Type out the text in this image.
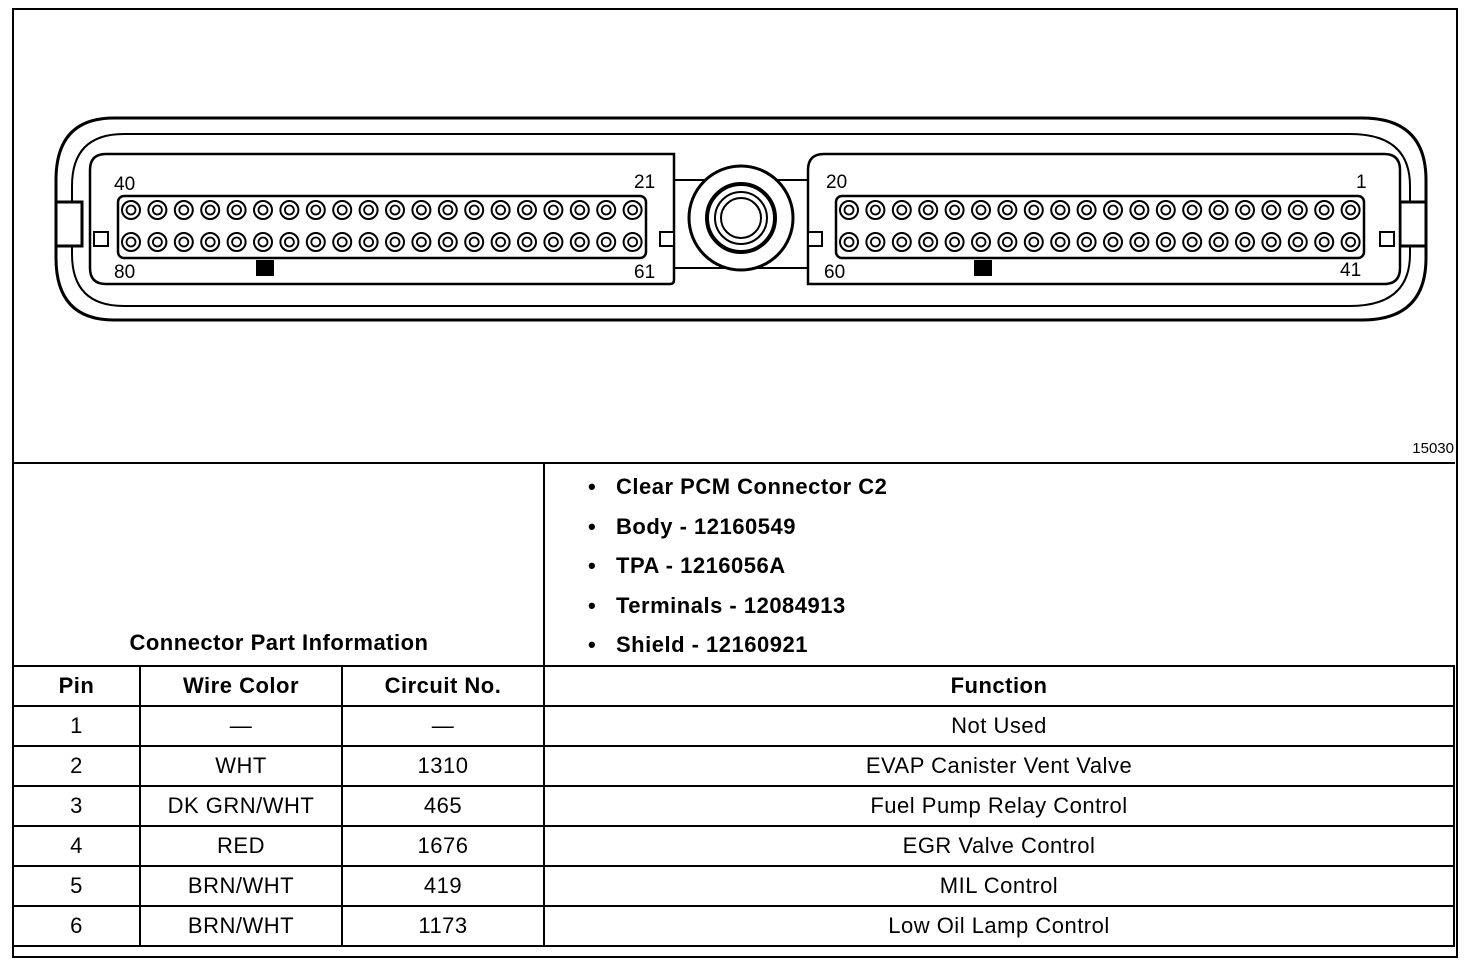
40	21
80	61
20	1
60	41
15030
Connector Part Information
• Clear PCM Connector C2
• Body - 12160549
• TPA - 1216056A
• Terminals - 12084913
• Shield - 12160921
Pin	Wire Color	Circuit No.	Function
1	—	—	Not Used
2	WHT	1310	EVAP Canister Vent Valve
3	DK GRN/WHT	465	Fuel Pump Relay Control
4	RED	1676	EGR Valve Control
5	BRN/WHT	419	MIL Control
6	BRN/WHT	1173	Low Oil Lamp Control
